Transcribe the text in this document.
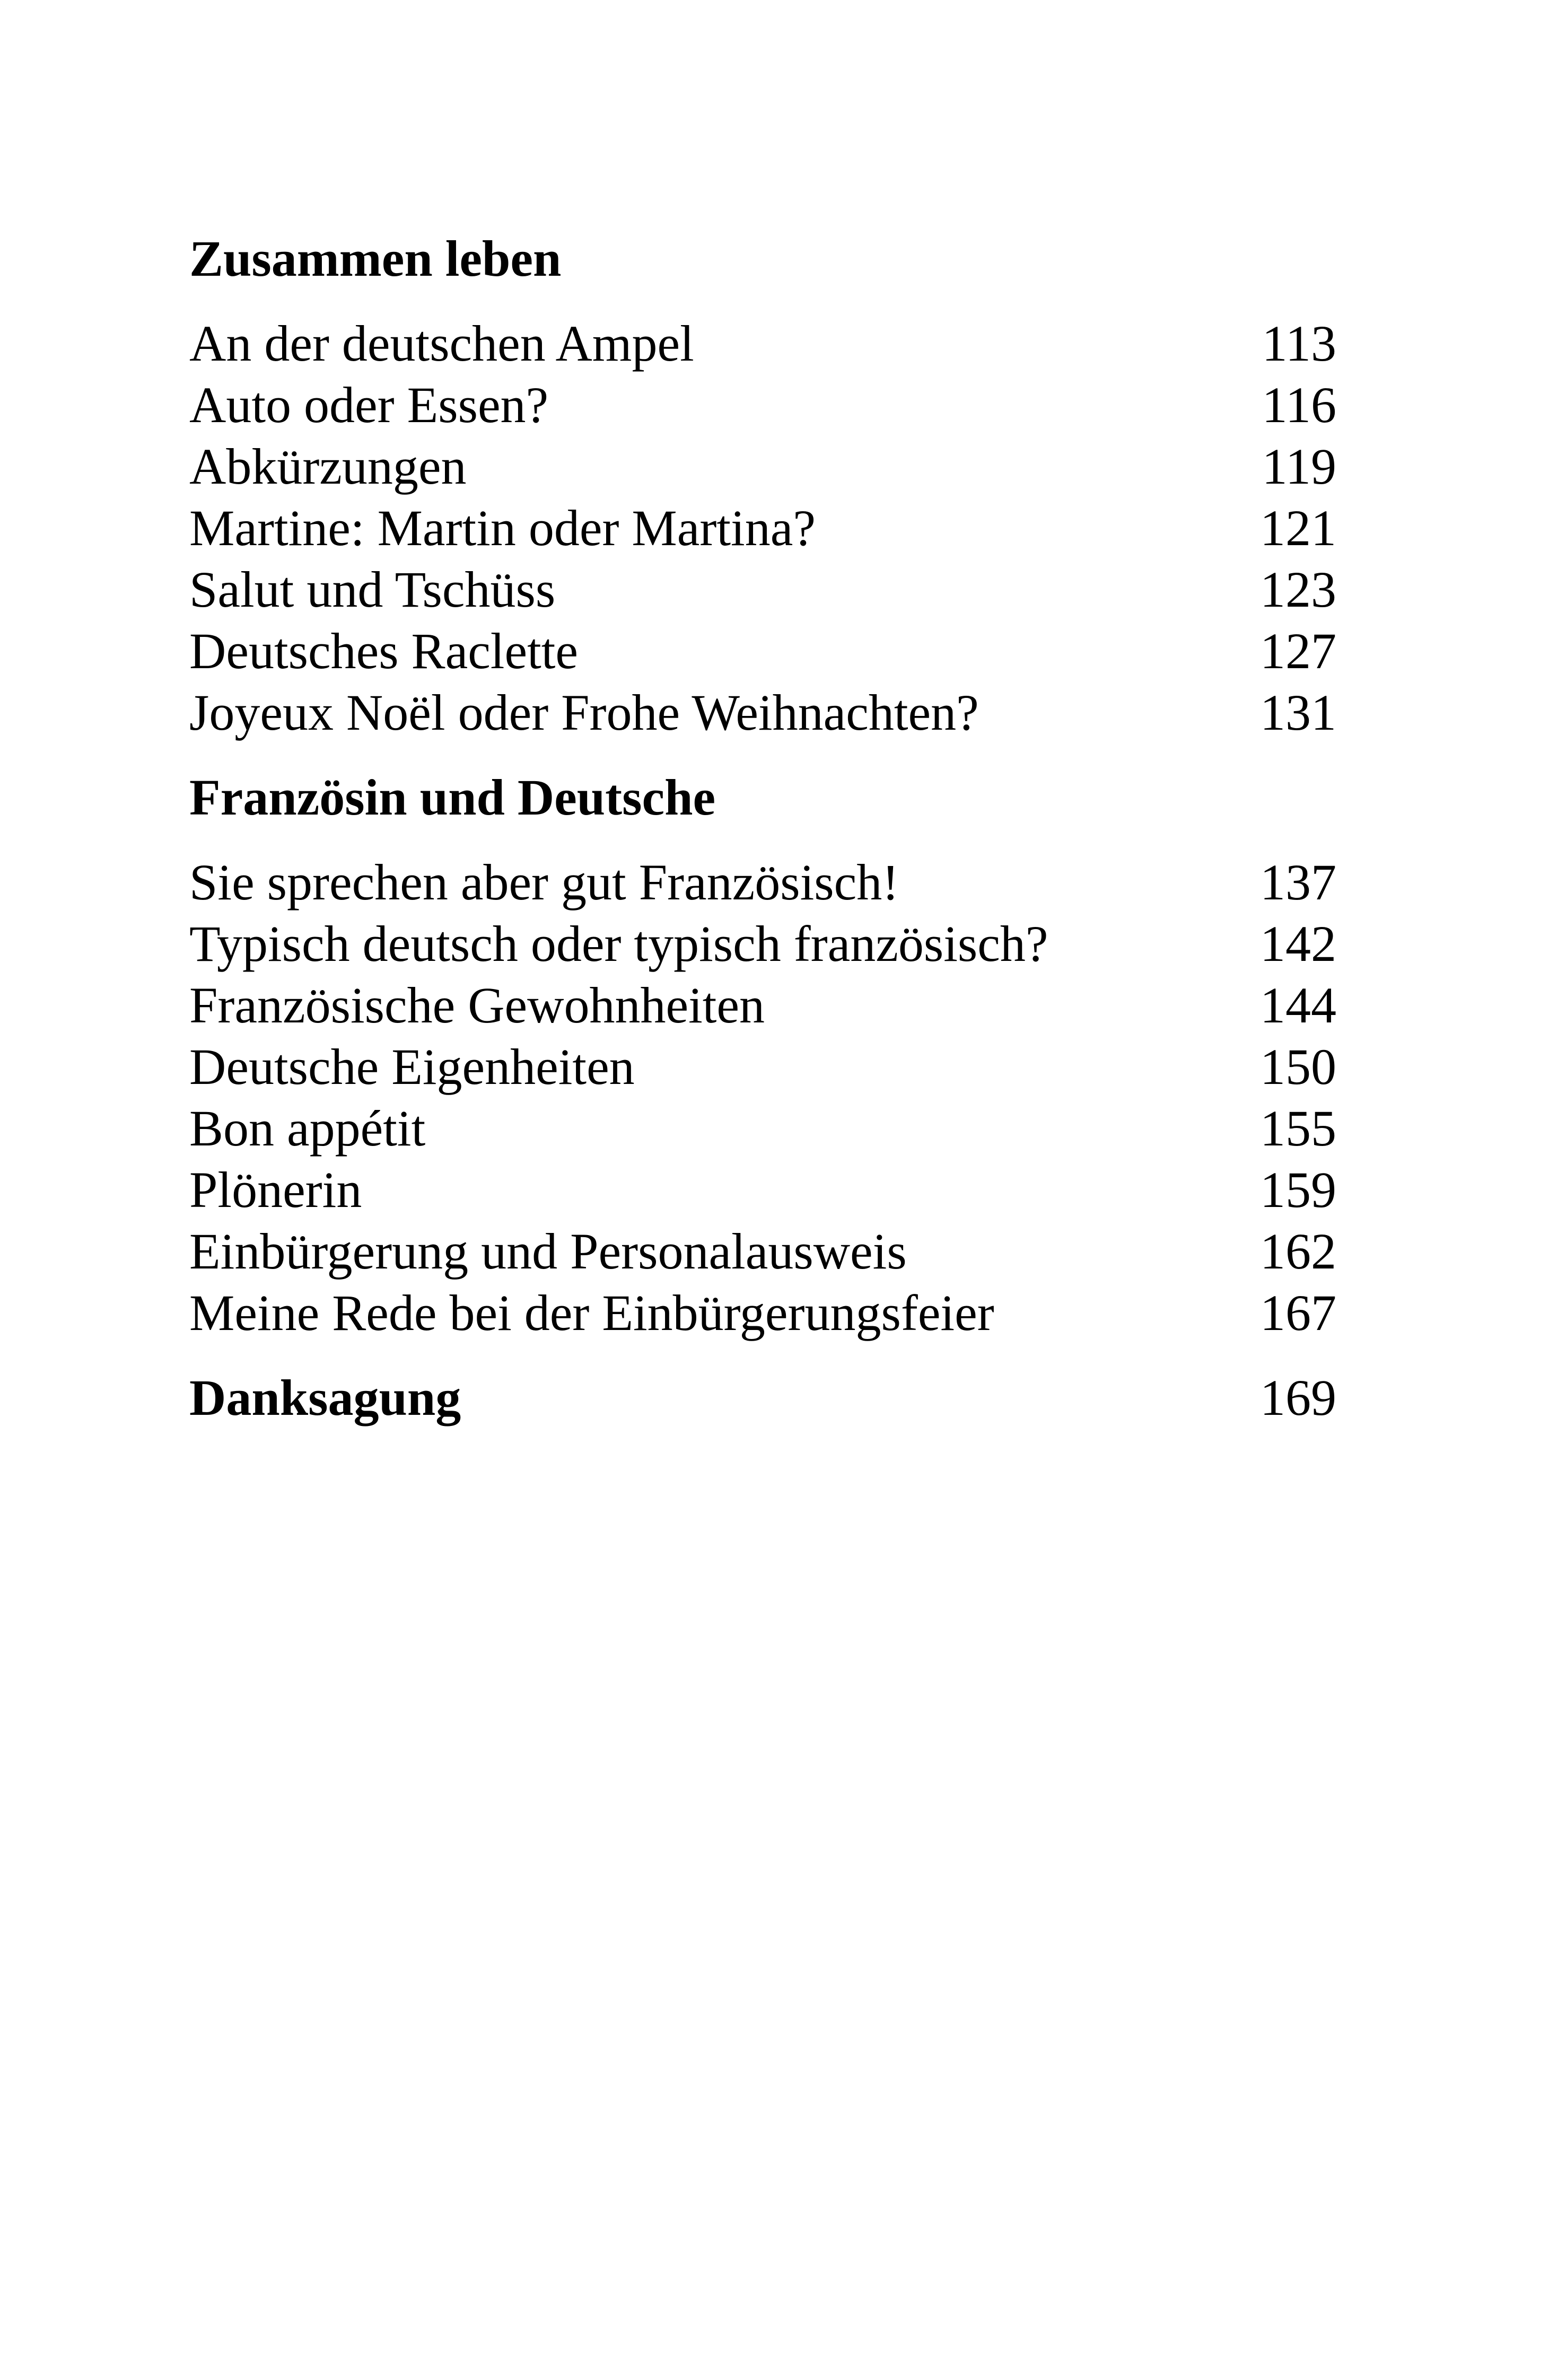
Zusammen leben
An der deutschen Ampel	113
Auto oder Essen?	116
Abkürzungen	119
Martine: Martin oder Martina?	121
Salut und Tschüss	123
Deutsches Raclette	127
Joyeux Noël oder Frohe Weihnachten?	131
Französin und Deutsche
Sie sprechen aber gut Französisch!	137
Typisch deutsch oder typisch französisch?	142
Französische Gewohnheiten	144
Deutsche Eigenheiten	150
Bon appétit	155
Plönerin	159
Einbürgerung und Personalausweis	162
Meine Rede bei der Einbürgerungsfeier	167
Danksagung	169
